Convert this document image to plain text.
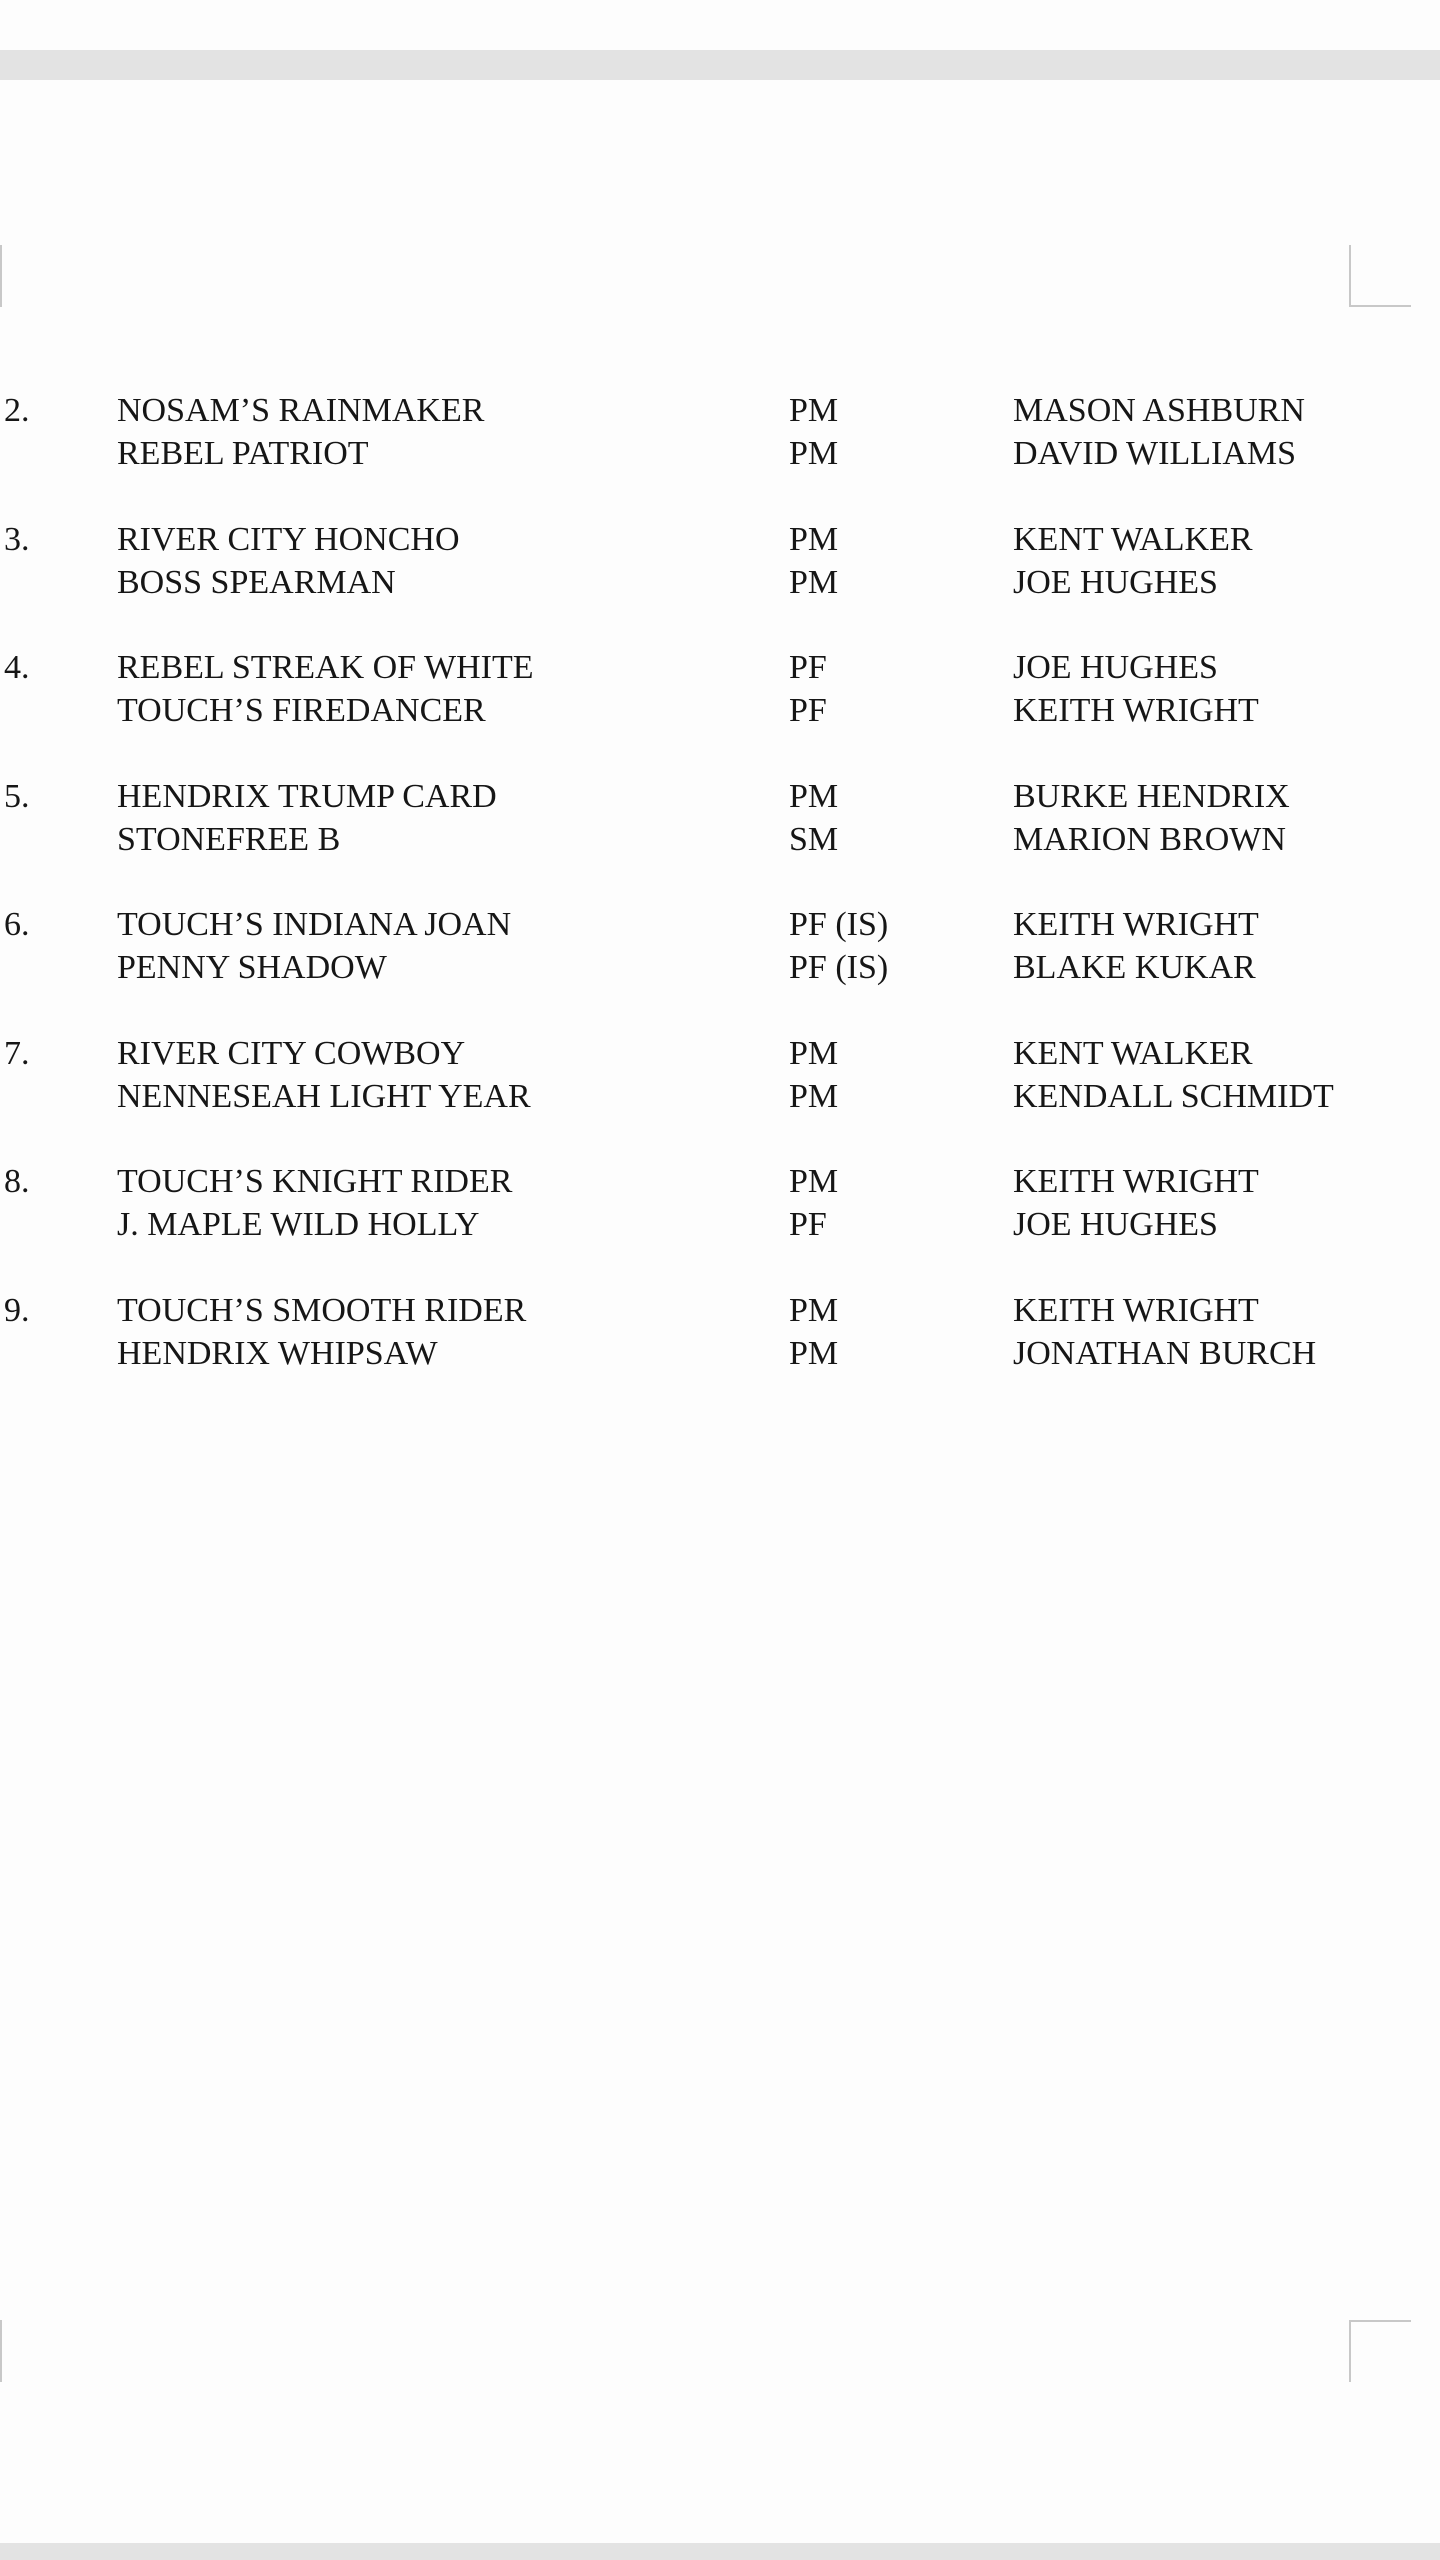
2.	NOSAM’S RAINMAKER	PM	MASON ASHBURN
REBEL PATRIOT	PM	DAVID WILLIAMS
3.	RIVER CITY HONCHO	PM	KENT WALKER
BOSS SPEARMAN	PM	JOE HUGHES
4.	REBEL STREAK OF WHITE	PF	JOE HUGHES
TOUCH’S FIREDANCER	PF	KEITH WRIGHT
5.	HENDRIX TRUMP CARD	PM	BURKE HENDRIX
STONEFREE B	SM	MARION BROWN
6.	TOUCH’S INDIANA JOAN	PF (IS)	KEITH WRIGHT
PENNY SHADOW	PF (IS)	BLAKE KUKAR
7.	RIVER CITY COWBOY	PM	KENT WALKER
NENNESEAH LIGHT YEAR	PM	KENDALL SCHMIDT
8.	TOUCH’S KNIGHT RIDER	PM	KEITH WRIGHT
J. MAPLE WILD HOLLY	PF	JOE HUGHES
9.	TOUCH’S SMOOTH RIDER	PM	KEITH WRIGHT
HENDRIX WHIPSAW	PM	JONATHAN BURCH
